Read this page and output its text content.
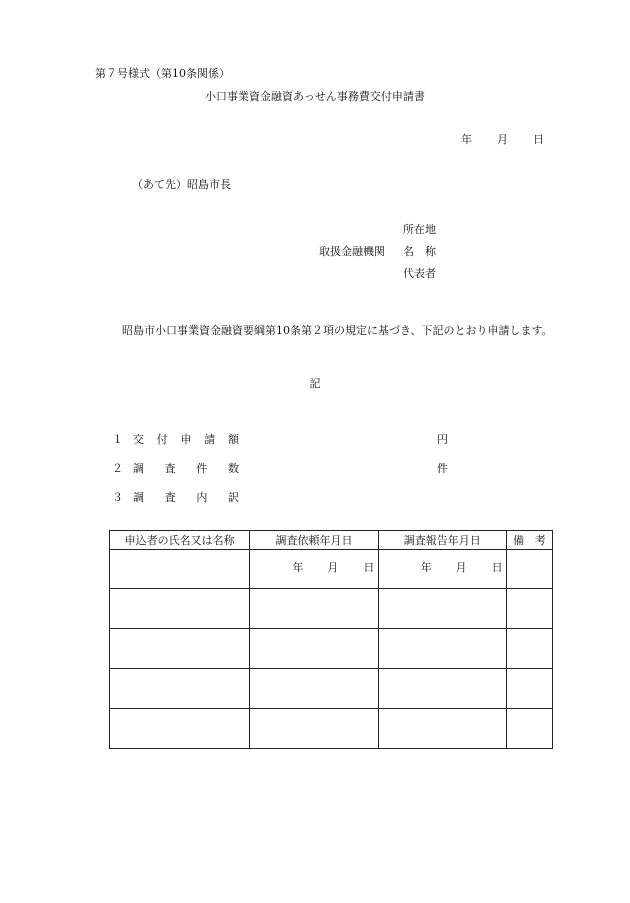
第７号様式（第10条関係）
小口事業資金融資あっせん事務費交付申請書
年 月 日
（あて先）昭島市長
所在地
取扱金融機関 名　称
代表者
昭島市小口事業資金融資要綱第10条第２項の規定に基づき、下記のとおり申請します。
記
１ 交 付 申 請 額	円
２ 調 査 件 数	件
３ 調 査 内 訳
申込者の氏名又は名称	調査依頼年月日	調査報告年月日	備　考

	年 月 日	年 月 日	
